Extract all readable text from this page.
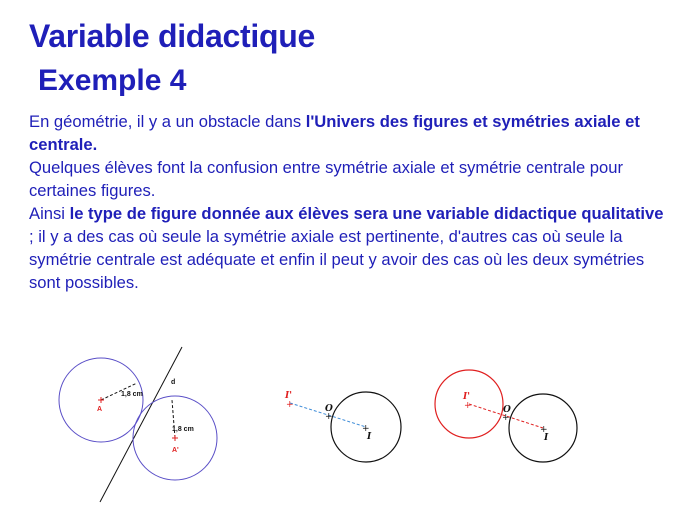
Variable didactique
Exemple 4

En géométrie, il y a un obstacle dans l'Univers des figures et symétries axiale et centrale.

Quelques élèves font la confusion entre symétrie axiale et symétrie centrale pour certaines figures.

Ainsi le type de figure donnée aux élèves sera une variable didactique qualitative ; il y a des cas où seule la symétrie axiale est pertinente, d'autres cas où seule la symétrie centrale est adéquate et enfin il peut y avoir des cas où les deux symétries sont possibles.

d
A
A'
1,8 cm
1,8 cm
I'
+	O
+
+
I
I'
+	O
+
+
I
